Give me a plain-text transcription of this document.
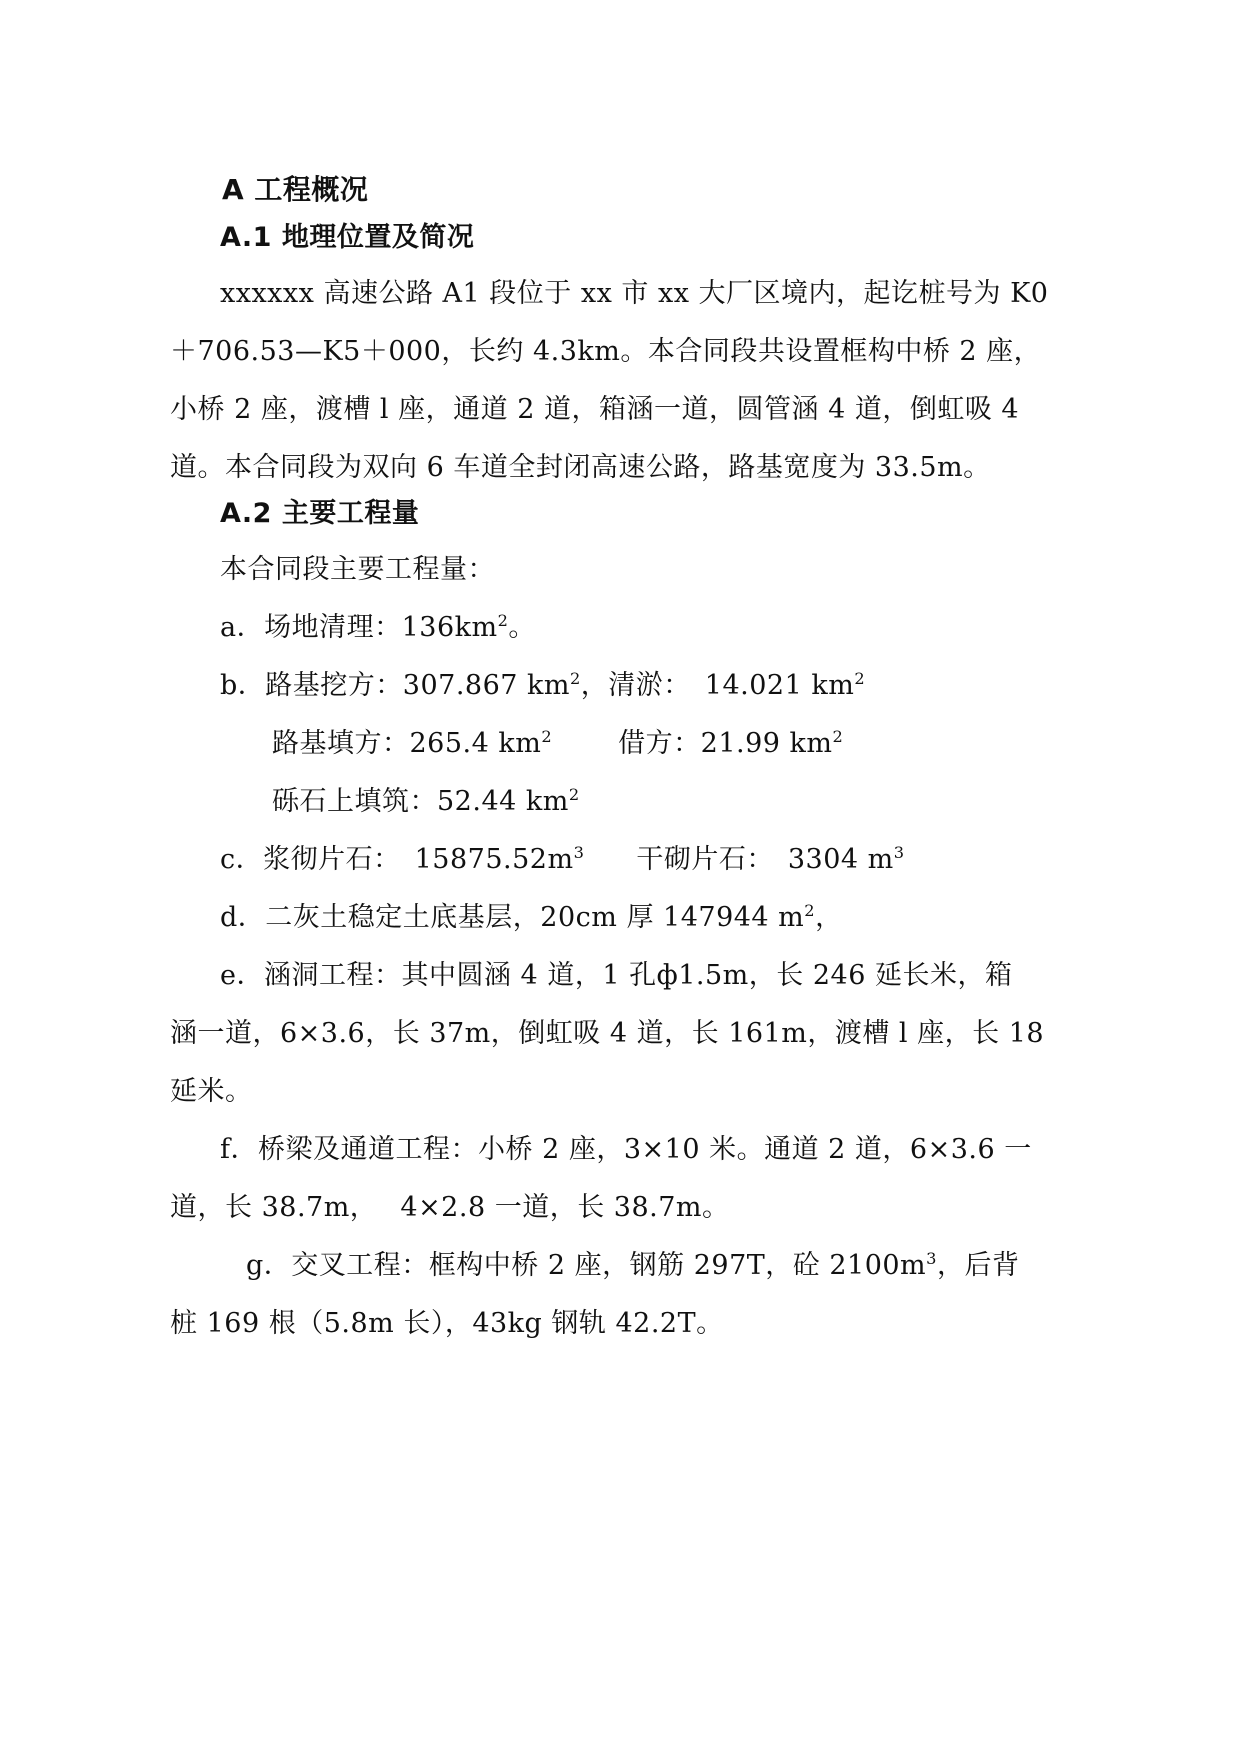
A 工程概况
A.1 地理位置及简况
xxxxxx 高速公路 A1 段位于 xx 市 xx 大厂区境内，起讫桩号为 K0
＋706.53—K5＋000，长约 4.3km。本合同段共设置框构中桥 2 座，
小桥 2 座，渡槽 l 座，通道 2 道，箱涵一道，圆管涵 4 道，倒虹吸 4
道。本合同段为双向 6 车道全封闭高速公路，路基宽度为 33.5m。
A.2 主要工程量
本合同段主要工程量：
a．场地清理：$136km^2$。
b．路基挖方：307.867 $km^2$，清淤：　14.021 $km^2$
路基填方：265.4 $km^2$ 借方：21.99 $km^2$
砾石上填筑：52.44 $km^2$
c．浆彻片石：　$15875.52m^3$ 干砌片石：　3304 $m^3$
d．二灰土稳定土底基层，20cm 厚 147944 $m^2$，
e．涵洞工程：其中圆涵 4 道，1 孔ф1.5m，长 246 延长米，箱
涵一道，6×3.6，长 37m，倒虹吸 4 道，长 161m，渡槽 l 座，长 18
延米。
f．桥梁及通道工程：小桥 2 座，3×10 米。通道 2 道，6×3.6 一
道，长 38.7m，　 4×2.8 一道，长 38.7m。
g．交叉工程：框构中桥 2 座，钢筋 297T，砼 $2100m^3$，后背
桩 169 根（5.8m 长），43kg 钢轨 42.2T。
